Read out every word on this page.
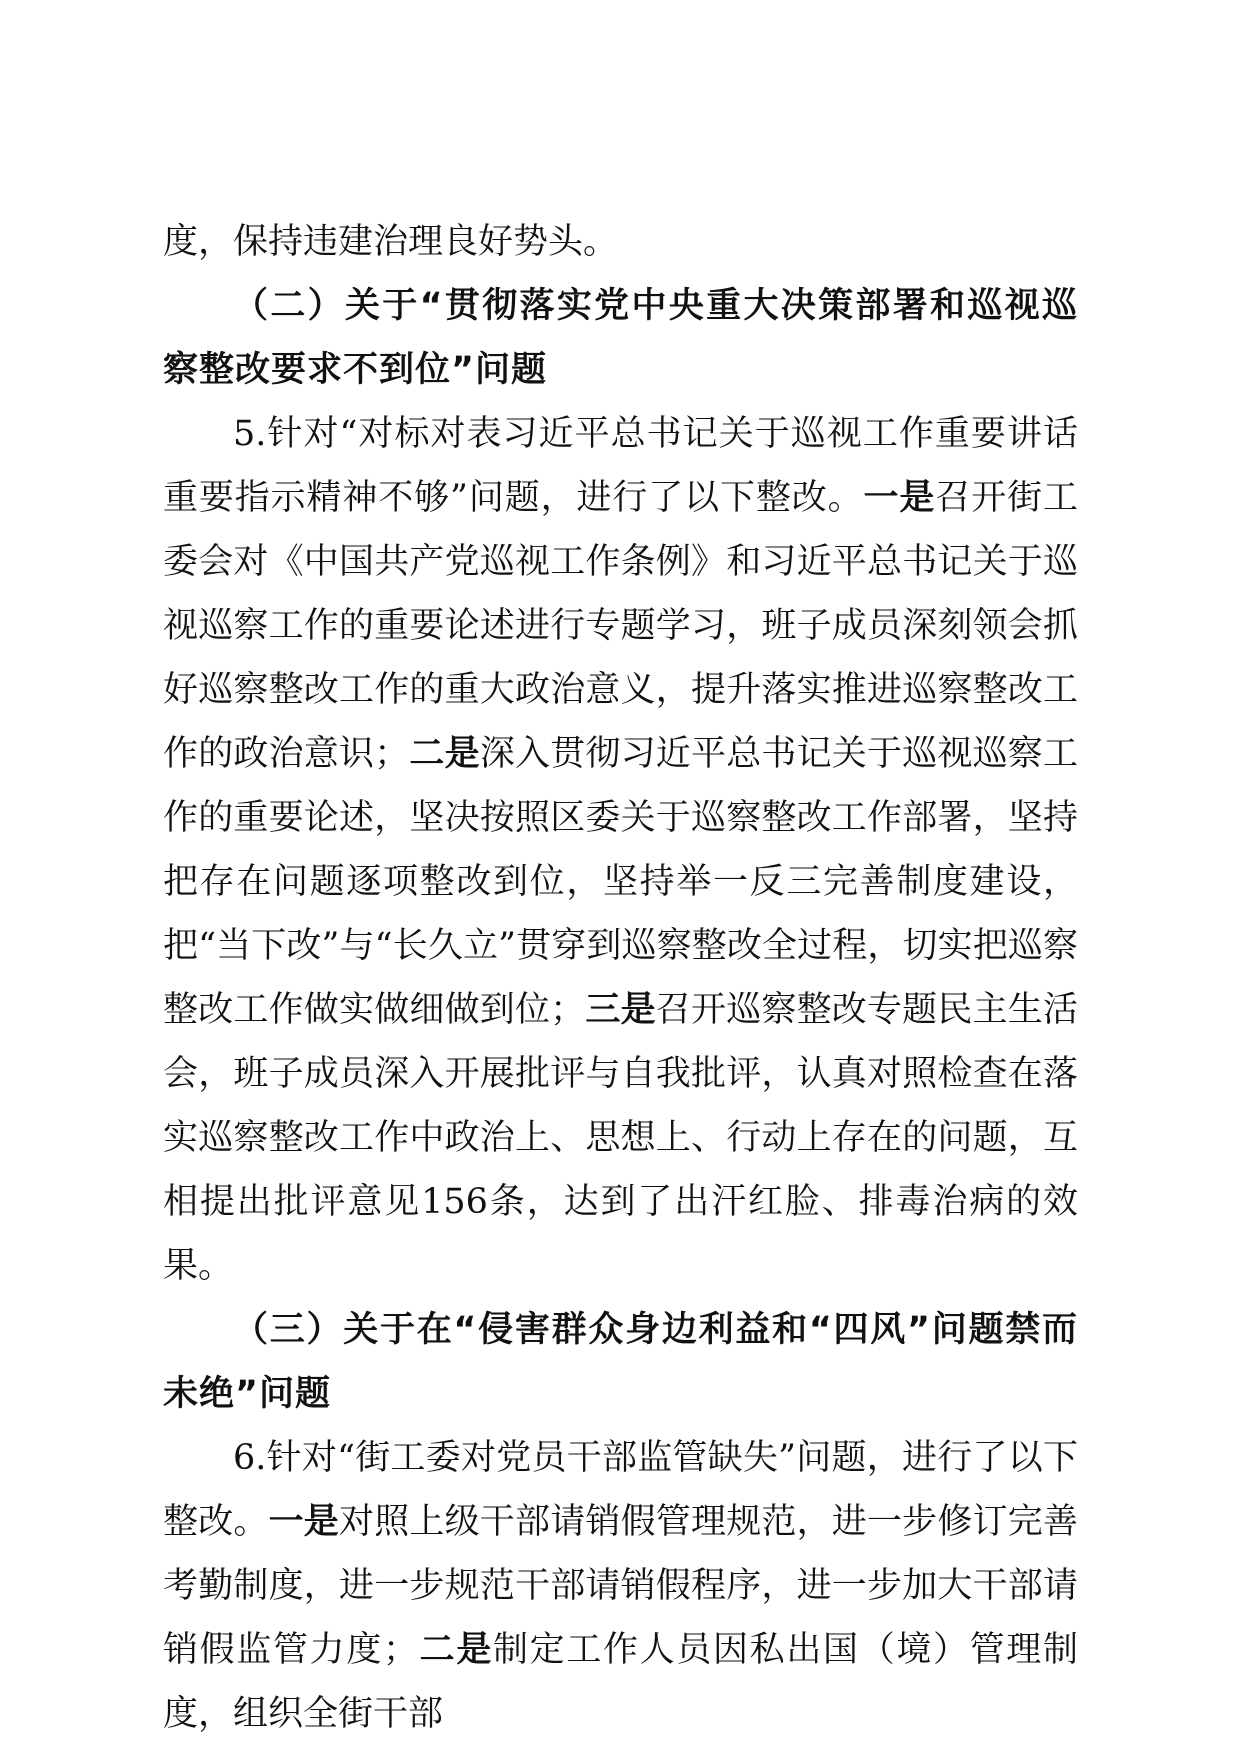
度，保持违建治理良好势头。

（二）关于“贯彻落实党中央重大决策部署和巡视巡察整改要求不到位”问题

5.针对“对标对表习近平总书记关于巡视工作重要讲话重要指示精神不够”问题，进行了以下整改。一是召开街工委会对《中国共产党巡视工作条例》和习近平总书记关于巡视巡察工作的重要论述进行专题学习，班子成员深刻领会抓好巡察整改工作的重大政治意义，提升落实推进巡察整改工作的政治意识；二是深入贯彻习近平总书记关于巡视巡察工作的重要论述，坚决按照区委关于巡察整改工作部署，坚持把存在问题逐项整改到位，坚持举一反三完善制度建设，把“当下改”与“长久立”贯穿到巡察整改全过程，切实把巡察整改工作做实做细做到位；三是召开巡察整改专题民主生活会，班子成员深入开展批评与自我批评，认真对照检查在落实巡察整改工作中政治上、思想上、行动上存在的问题，互相提出批评意见156条，达到了出汗红脸、排毒治病的效果。

（三）关于在“侵害群众身边利益和“四风”问题禁而未绝”问题

6.针对“街工委对党员干部监管缺失”问题，进行了以下整改。一是对照上级干部请销假管理规范，进一步修订完善考勤制度，进一步规范干部请销假程序，进一步加大干部请销假监管力度；二是制定工作人员因私出国（境）管理制度，组织全街干部
